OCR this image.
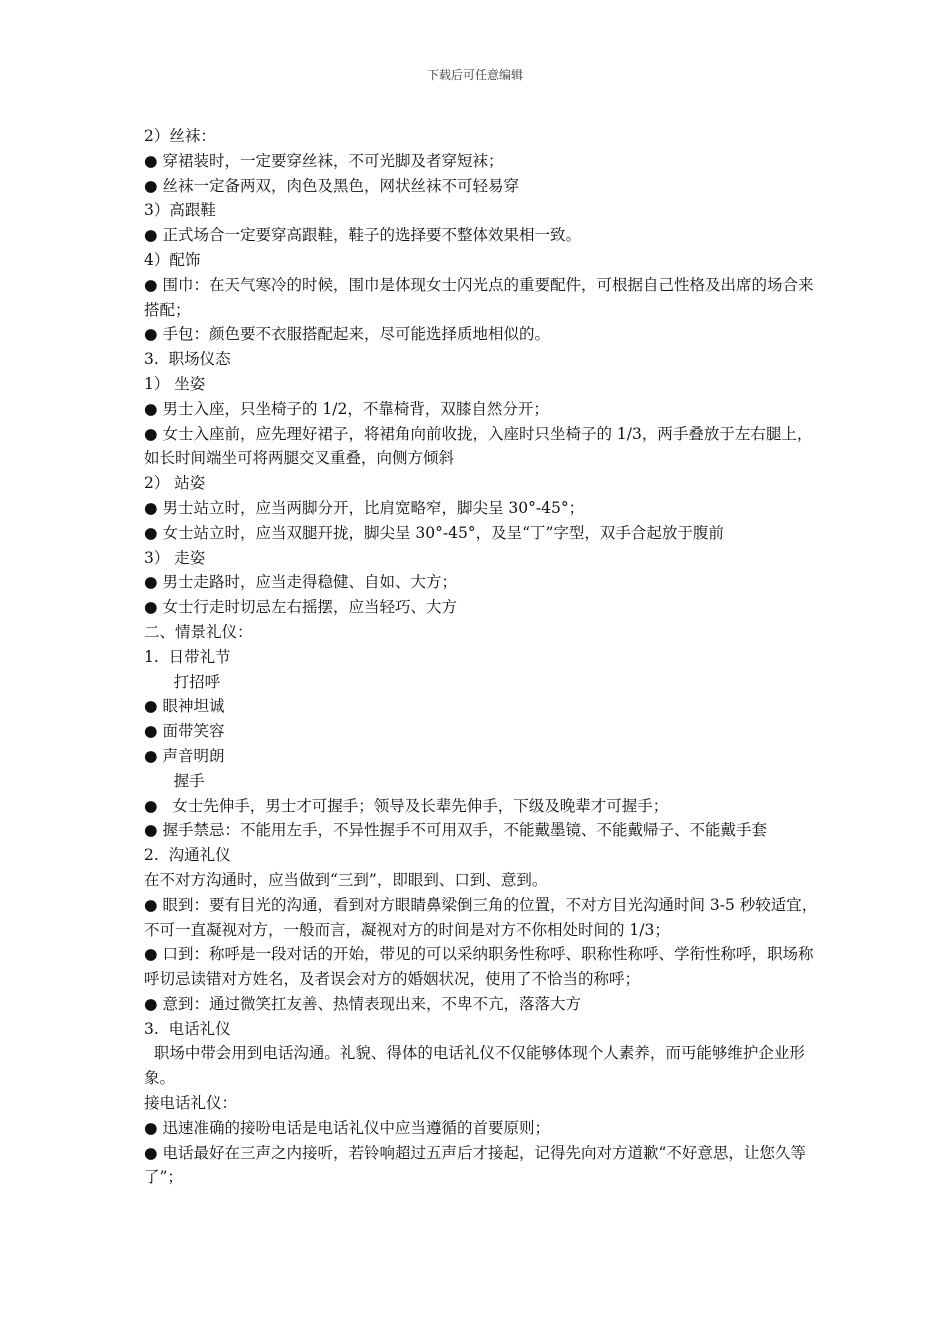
下载后可任意编辑
2）丝袜：
● 穿裙装时，一定要穿丝袜，不可光脚及者穿短袜；
● 丝袜一定备两双，肉色及黑色，网状丝袜不可轻易穿
3）高跟鞋
● 正式场合一定要穿高跟鞋，鞋子的选择要不整体效果相一致。
4）配饰
● 围巾：在天气寒冷的时候，围巾是体现女士闪光点的重要配件，可根据自己性格及出席的场合来搭配；
● 手包：颜色要不衣服搭配起来，尽可能选择质地相似的。
3.  职场仪态
1） 坐姿
● 男士入座，只坐椅子的 1/2，不靠椅背，双膝自然分开；
● 女士入座前，应先理好裙子，将裙角向前收拢，入座时只坐椅子的 1/3，两手叠放于左右腿上，如长时间端坐可将两腿交叉重叠，向侧方倾斜
2） 站姿
● 男士站立时，应当两脚分开，比肩宽略窄，脚尖呈 30°-45°；
● 女士站立时，应当双腿幵拢，脚尖呈 30°-45°，及呈“丁”字型，双手合起放于腹前
3） 走姿
● 男士走路时，应当走得稳健、自如、大方；
● 女士行走时切忌左右摇摆，应当轻巧、大方
二、情景礼仪：
1.  日带礼节
打招呼
● 眼神坦诚
● 面带笑容
● 声音明朗
握手
●   女士先伸手，男士才可握手；领导及长辈先伸手，下级及晚辈才可握手；
● 握手禁忌：不能用左手，不异性握手不可用双手，不能戴墨镜、不能戴帰子、不能戴手套
2.  沟通礼仪
在不对方沟通时，应当做到“三到”，即眼到、口到、意到。
● 眼到：要有目光的沟通，看到对方眼睛鼻梁倒三角的位置，不对方目光沟通时间 3-5 秒较适宜，不可一直凝视对方，一般而言，凝视对方的时间是对方不你相处时间的 1/3；
● 口到：称呼是一段对话的开始，带见的可以采纳职务性称呼、职称性称呼、学衔性称呼，职场称呼切忌读错对方姓名，及者误会对方的婚姻状况，使用了不恰当的称呼；
● 意到：通过微笑扛友善、热情表现出来，不卑不亢，落落大方
3.  电话礼仪
职场中带会用到电话沟通。礼貌、得体的电话礼仪不仅能够体现个人素养，而丏能够维护企业形象。
接电话礼仪：
● 迅速准确的接吩电话是电话礼仪中应当遵循的首要原则；
● 电话最好在三声之内接听，若铃响超过五声后才接起，记得先向对方道歉“不好意思，让您久等了”；
